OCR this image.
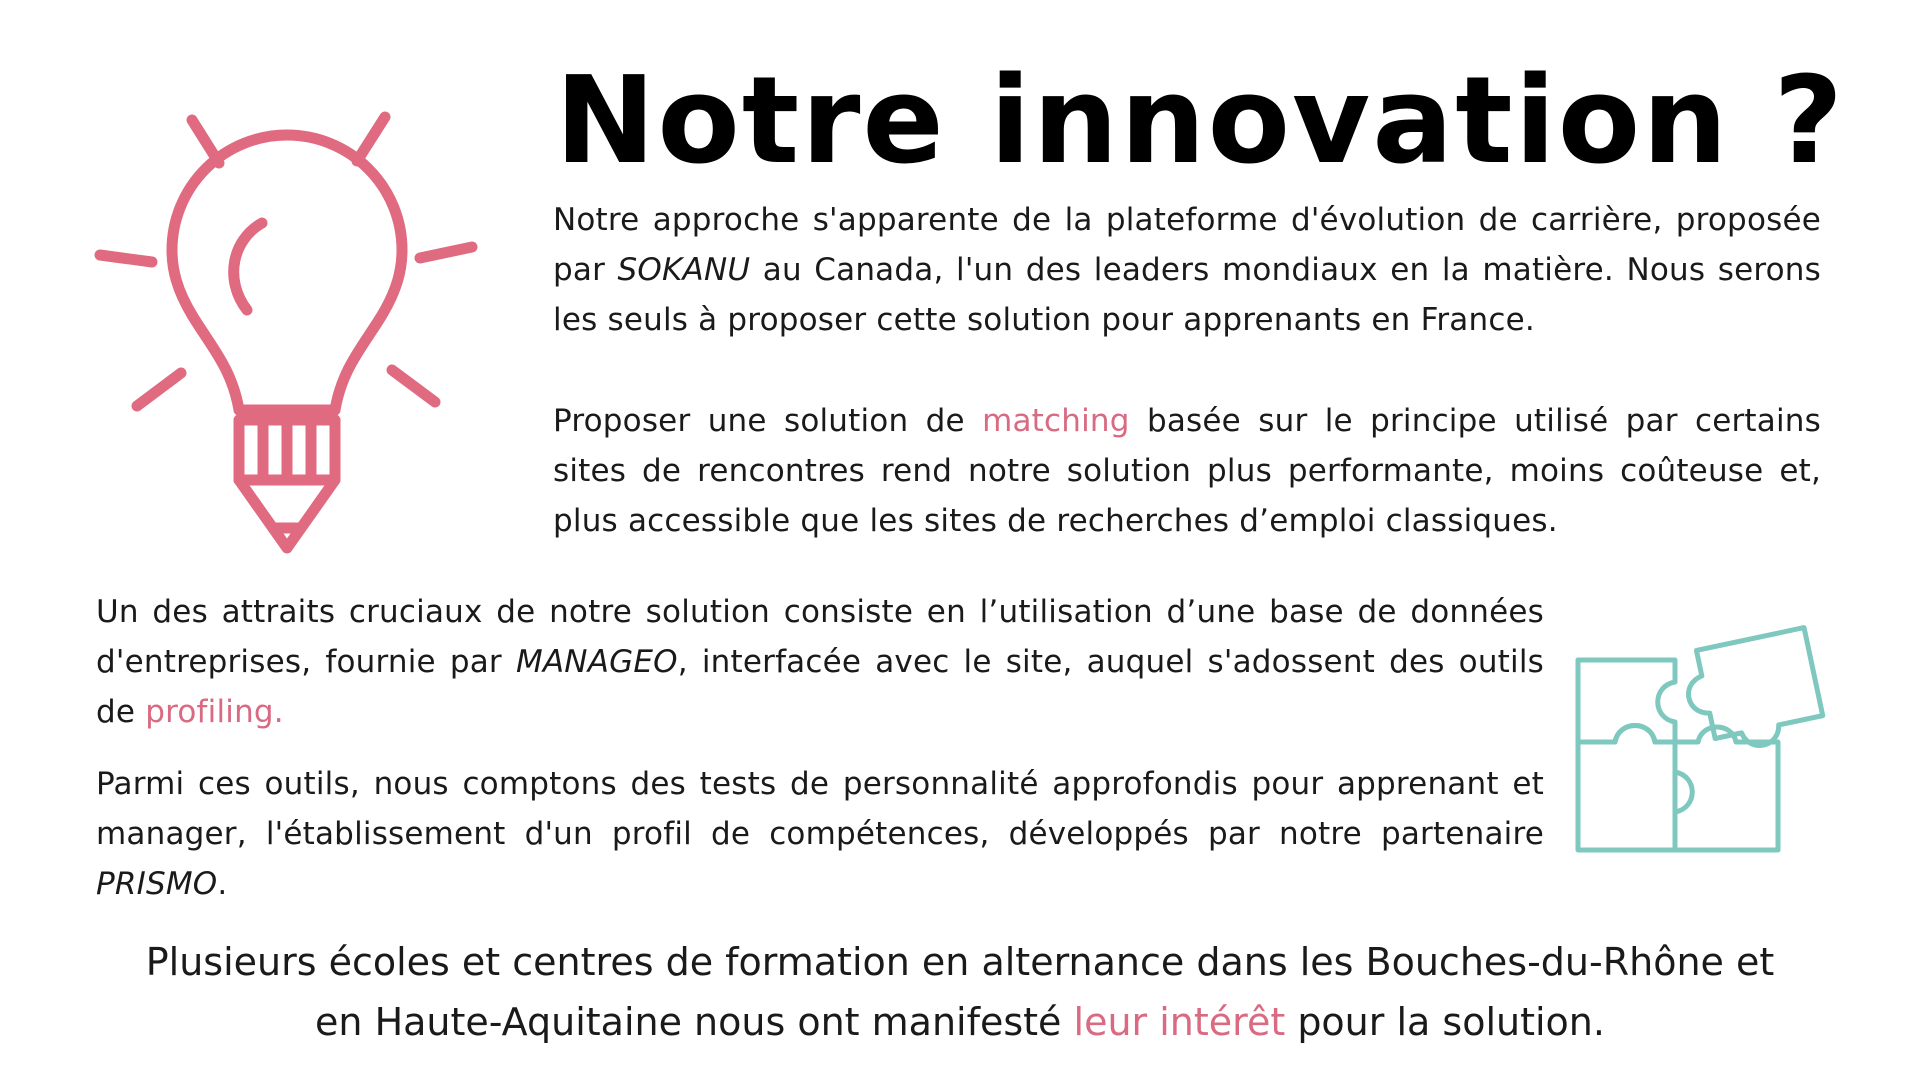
Notre innovation ?

Notre approche s'apparente de la plateforme d'évolution de carrière, proposée par SOKANU au Canada, l'un des leaders mondiaux en la matière. Nous serons les seuls à proposer cette solution pour apprenants en France.

Proposer une solution de matching basée sur le principe utilisé par certains sites de rencontres rend notre solution plus performante, moins coûteuse et, plus accessible que les sites de recherches d’emploi classiques.

Un des attraits cruciaux de notre solution consiste en l’utilisation d’une base de données d'entreprises, fournie par MANAGEO, interfacée avec le site, auquel s'adossent des outils de profiling.

Parmi ces outils, nous comptons des tests de personnalité approfondis pour apprenant et manager, l'établissement d'un profil de compétences, développés par notre partenaire PRISMO.

Plusieurs écoles et centres de formation en alternance dans les Bouches-du-Rhône et en Haute-Aquitaine nous ont manifesté leur intérêt pour la solution.
